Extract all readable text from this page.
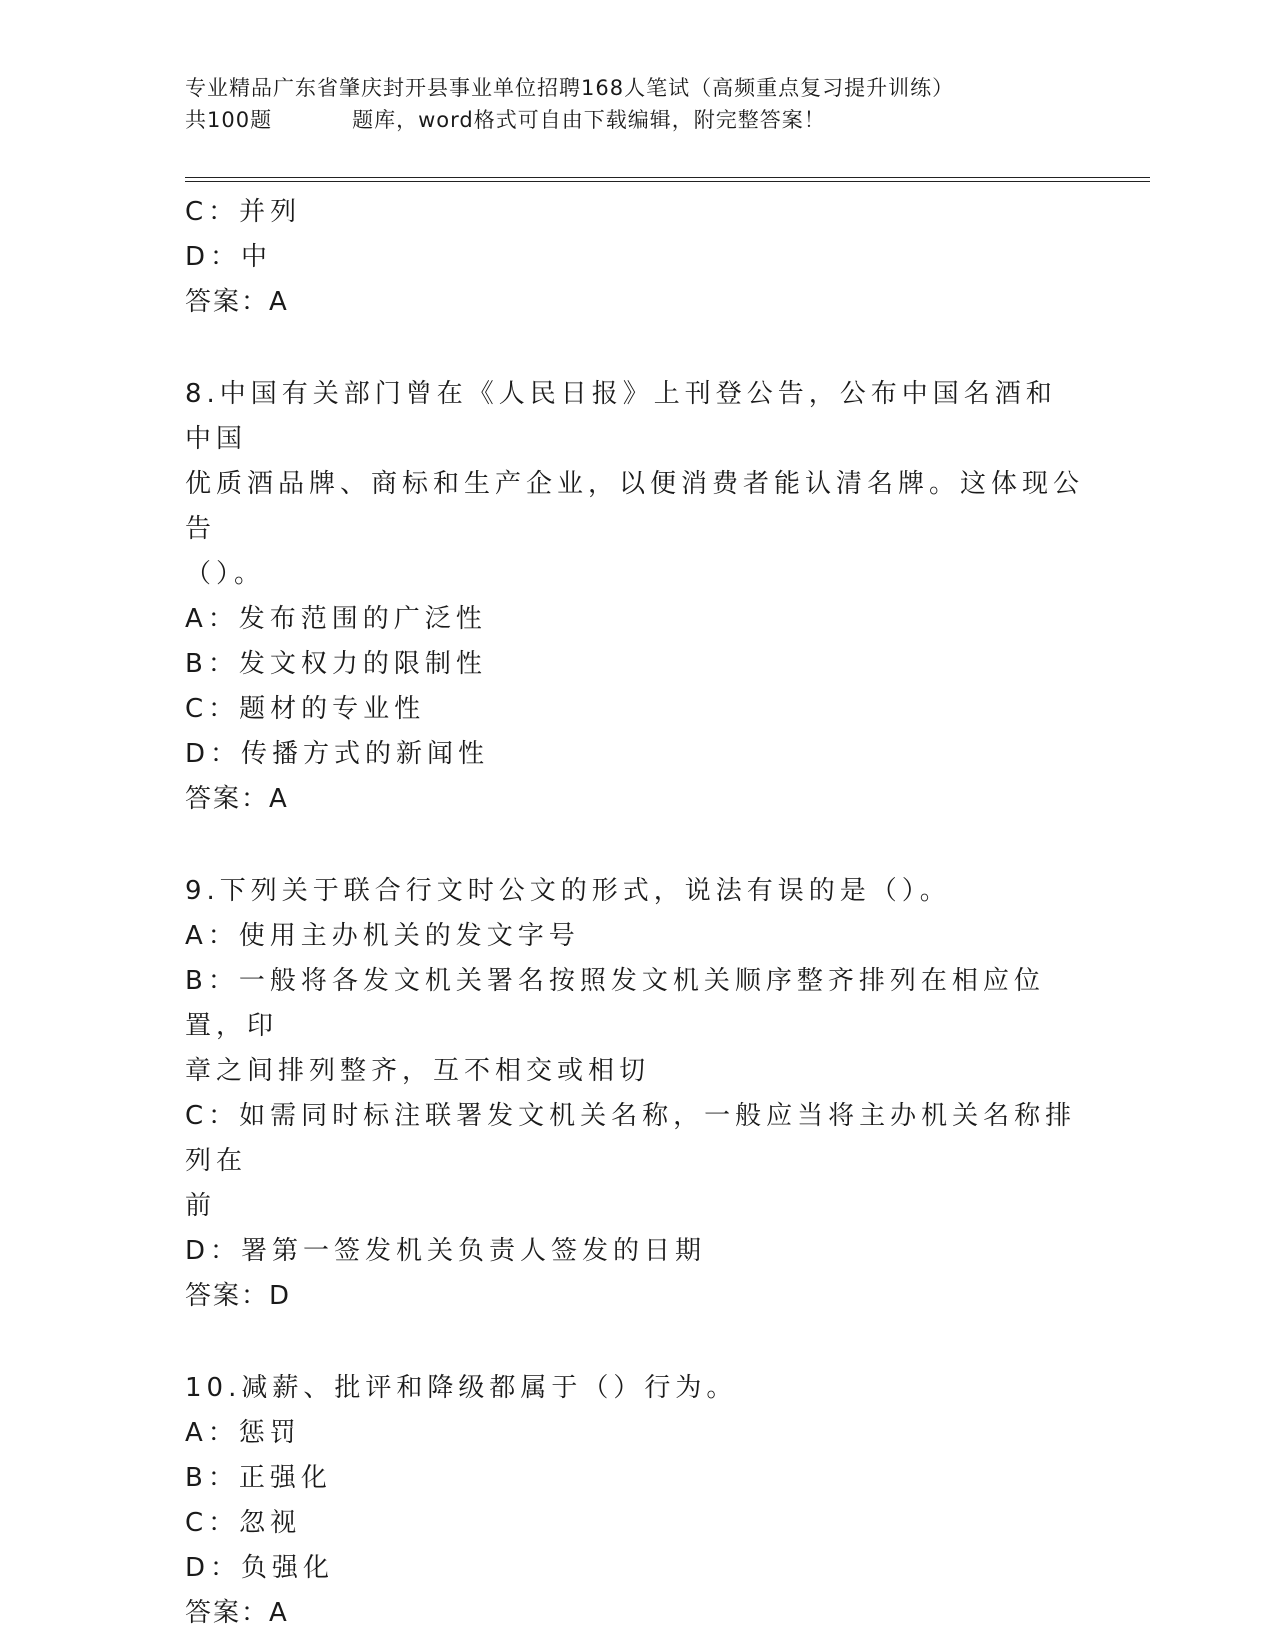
专业精品广东省肇庆封开县事业单位招聘168人笔试（高频重点复习提升训练）
共100题	题库，word格式可自由下载编辑，附完整答案！

C：并列

D：中

答案：A

8.中国有关部门曾在《人民日报》上刊登公告，公布中国名酒和中国

优质酒品牌、商标和生产企业，以便消费者能认清名牌。这体现公告

（）。

A：发布范围的广泛性

B：发文权力的限制性

C：题材的专业性

D：传播方式的新闻性

答案：A

9.下列关于联合行文时公文的形式，说法有误的是（）。

A：使用主办机关的发文字号

B：一般将各发文机关署名按照发文机关顺序整齐排列在相应位置，印

章之间排列整齐，互不相交或相切

C：如需同时标注联署发文机关名称，一般应当将主办机关名称排列在

前

D：署第一签发机关负责人签发的日期

答案：D

10.减薪、批评和降级都属于（）行为。

A：惩罚

B：正强化

C：忽视

D：负强化

答案：A
